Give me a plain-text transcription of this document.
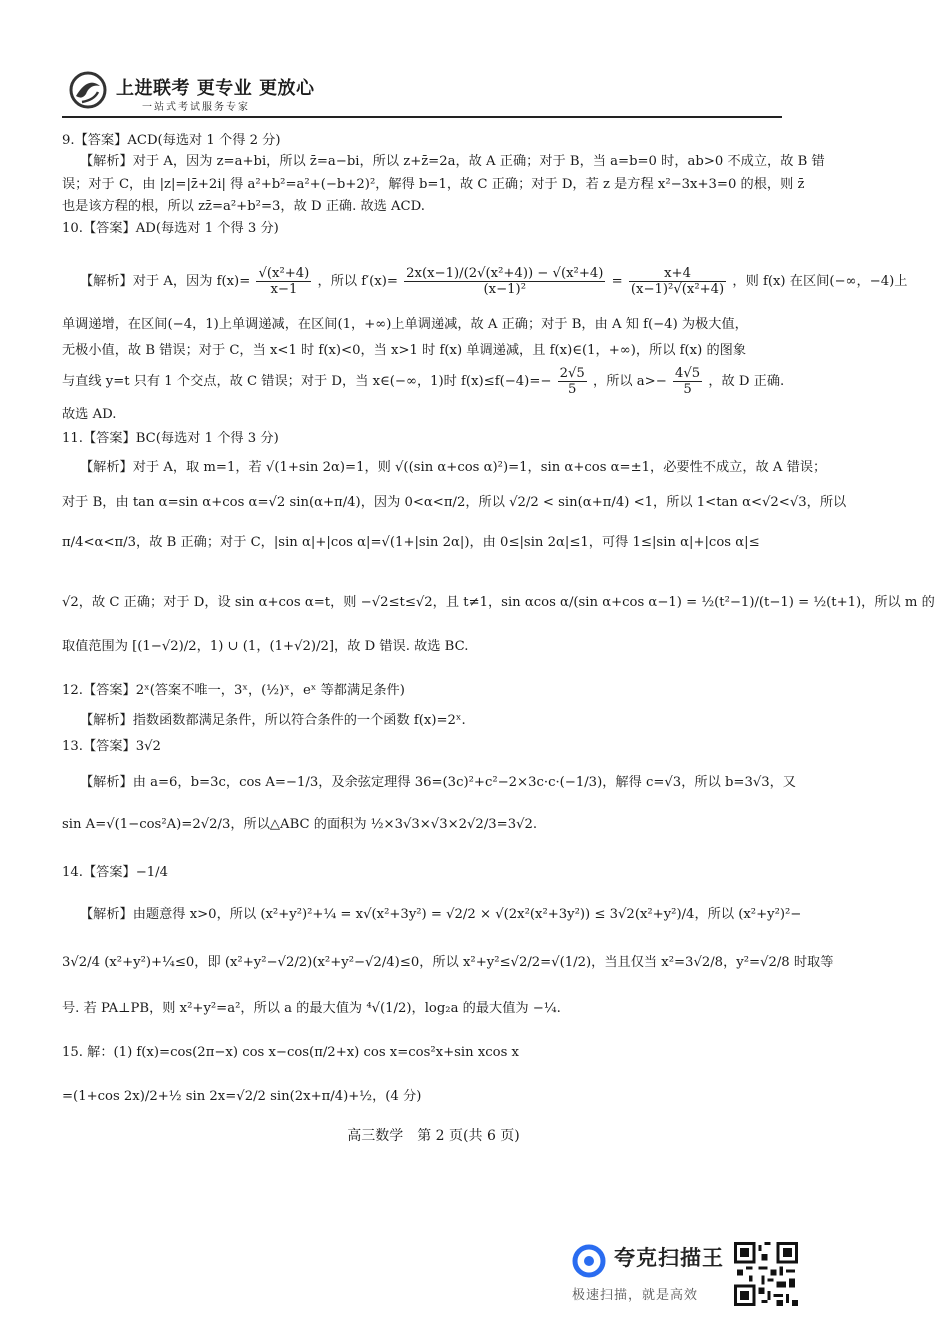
上进联考 更专业 更放心
一站式考试服务专家
9.【答案】ACD(每选对 1 个得 2 分)
【解析】对于 A，因为 z=a+bi，所以 z̄=a−bi，所以 z+z̄=2a，故 A 正确；对于 B，当 a=b=0 时，ab>0 不成立，故 B 错
误；对于 C，由 |z|=|z̄+2i| 得 a²+b²=a²+(−b+2)²，解得 b=1，故 C 正确；对于 D，若 z 是方程 x²−3x+3=0 的根，则 z̄
也是该方程的根，所以 zz̄=a²+b²=3，故 D 正确. 故选 ACD.
10.【答案】AD(每选对 1 个得 3 分)
【解析】对于 A，因为 $f(x)= \frac{\text{√(x²+4)}}{x-1}$ ，所以 $f'(x)= \frac{\text{2x(x−1)/(2√(x²+4)) − √(x²+4)}}{\text{(x−1)²}} = \frac{x+4}{\text{(x−1)²√(x²+4)}}$ ，则 f(x) 在区间(−∞，−4)上
单调递增，在区间(−4，1)上单调递减，在区间(1，+∞)上单调递减，故 A 正确；对于 B，由 A 知 f(−4) 为极大值，
无极小值，故 B 错误；对于 C，当 x<1 时 f(x)<0，当 x>1 时 f(x) 单调递减，且 f(x)∈(1，+∞)，所以 f(x) 的图象
与直线 y=t 只有 1 个交点，故 C 错误；对于 D，当 x∈(−∞，1)时 $f(x)\le f(-4)=- \frac{2√5}{5}$ ，所以 $a>- \frac{4√5}{5}$ ，故 D 正确.
故选 AD.
11.【答案】BC(每选对 1 个得 3 分)
【解析】对于 A，取 m=1，若 √(1+sin 2α)=1，则 √((sin α+cos α)²)=1，sin α+cos α=±1，必要性不成立，故 A 错误；
对于 B，由 tan α=sin α+cos α=√2 sin(α+π/4)，因为 0<α<π/2，所以 √2/2 < sin(α+π/4) <1，所以 1<tan α<√2<√3，所以
π/4<α<π/3，故 B 正确；对于 C，|sin α|+|cos α|=√(1+|sin 2α|)，由 0≤|sin 2α|≤1，可得 1≤|sin α|+|cos α|≤
√2，故 C 正确；对于 D，设 sin α+cos α=t，则 −√2≤t≤√2，且 t≠1，sin αcos α/(sin α+cos α−1) = ½(t²−1)/(t−1) = ½(t+1)，所以 m 的
取值范围为 [(1−√2)/2，1) ∪ (1，(1+√2)/2]，故 D 错误. 故选 BC.
12.【答案】2ˣ(答案不唯一，3ˣ，(½)ˣ，eˣ 等都满足条件)
【解析】指数函数都满足条件，所以符合条件的一个函数 f(x)=2ˣ.
13.【答案】3√2
【解析】由 a=6，b=3c，cos A=−1/3，及余弦定理得 36=(3c)²+c²−2×3c·c·(−1/3)，解得 c=√3，所以 b=3√3，又
sin A=√(1−cos²A)=2√2/3，所以△ABC 的面积为 ½×3√3×√3×2√2/3=3√2.
14.【答案】−1/4
【解析】由题意得 x>0，所以 (x²+y²)²+¼ = x√(x²+3y²) = √2/2 × √(2x²(x²+3y²)) ≤ 3√2(x²+y²)/4，所以 (x²+y²)²−
3√2/4 (x²+y²)+¼≤0，即 (x²+y²−√2/2)(x²+y²−√2/4)≤0，所以 x²+y²≤√2/2=√(1/2)，当且仅当 x²=3√2/8，y²=√2/8 时取等
号. 若 PA⊥PB，则 x²+y²=a²，所以 a 的最大值为 ⁴√(1/2)，log₂a 的最大值为 −¼.
15. 解：(1) f(x)=cos(2π−x) cos x−cos(π/2+x) cos x=cos²x+sin xcos x
=(1+cos 2x)/2+½ sin 2x=√2/2 sin(2x+π/4)+½，(4 分)
高三数学　第 2 页(共 6 页)
夸克扫描王
极速扫描，就是高效
